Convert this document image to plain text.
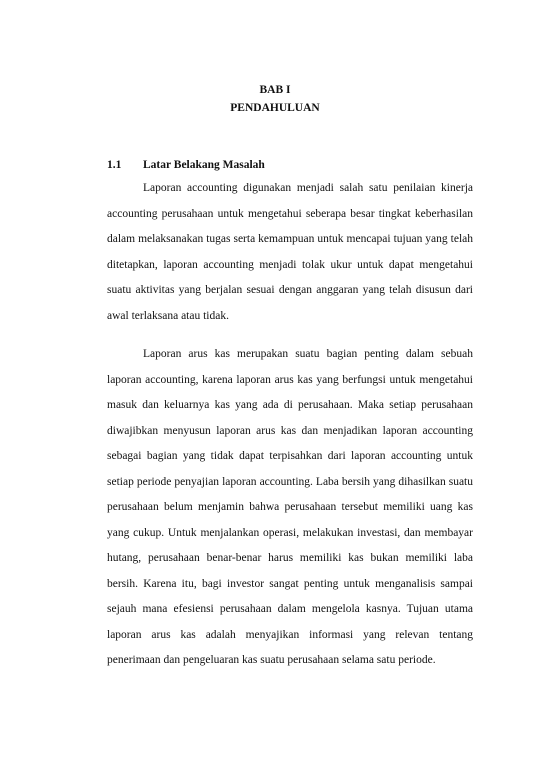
BAB I
PENDAHULUAN
1.1 Latar Belakang Masalah

Laporan accounting digunakan menjadi salah satu penilaian kinerja accounting perusahaan untuk mengetahui seberapa besar tingkat keberhasilan dalam melaksanakan tugas serta kemampuan untuk mencapai tujuan yang telah ditetapkan, laporan accounting menjadi tolak ukur untuk dapat mengetahui suatu aktivitas yang berjalan sesuai dengan anggaran yang telah disusun dari awal terlaksana atau tidak.

Laporan arus kas merupakan suatu bagian penting dalam sebuah laporan accounting, karena laporan arus kas yang berfungsi untuk mengetahui masuk dan keluarnya kas yang ada di perusahaan. Maka setiap perusahaan diwajibkan menyusun laporan arus kas dan menjadikan laporan accounting sebagai bagian yang tidak dapat terpisahkan dari laporan accounting untuk setiap periode penyajian laporan accounting. Laba bersih yang dihasilkan suatu perusahaan belum menjamin bahwa perusahaan tersebut memiliki uang kas yang cukup. Untuk menjalankan operasi, melakukan investasi, dan membayar hutang, perusahaan benar-benar harus memiliki kas bukan memiliki laba bersih. Karena itu, bagi investor sangat penting untuk menganalisis sampai sejauh mana efesiensi perusahaan dalam mengelola kasnya. Tujuan utama laporan arus kas adalah menyajikan informasi yang relevan tentang penerimaan dan pengeluaran kas suatu perusahaan selama satu periode.
